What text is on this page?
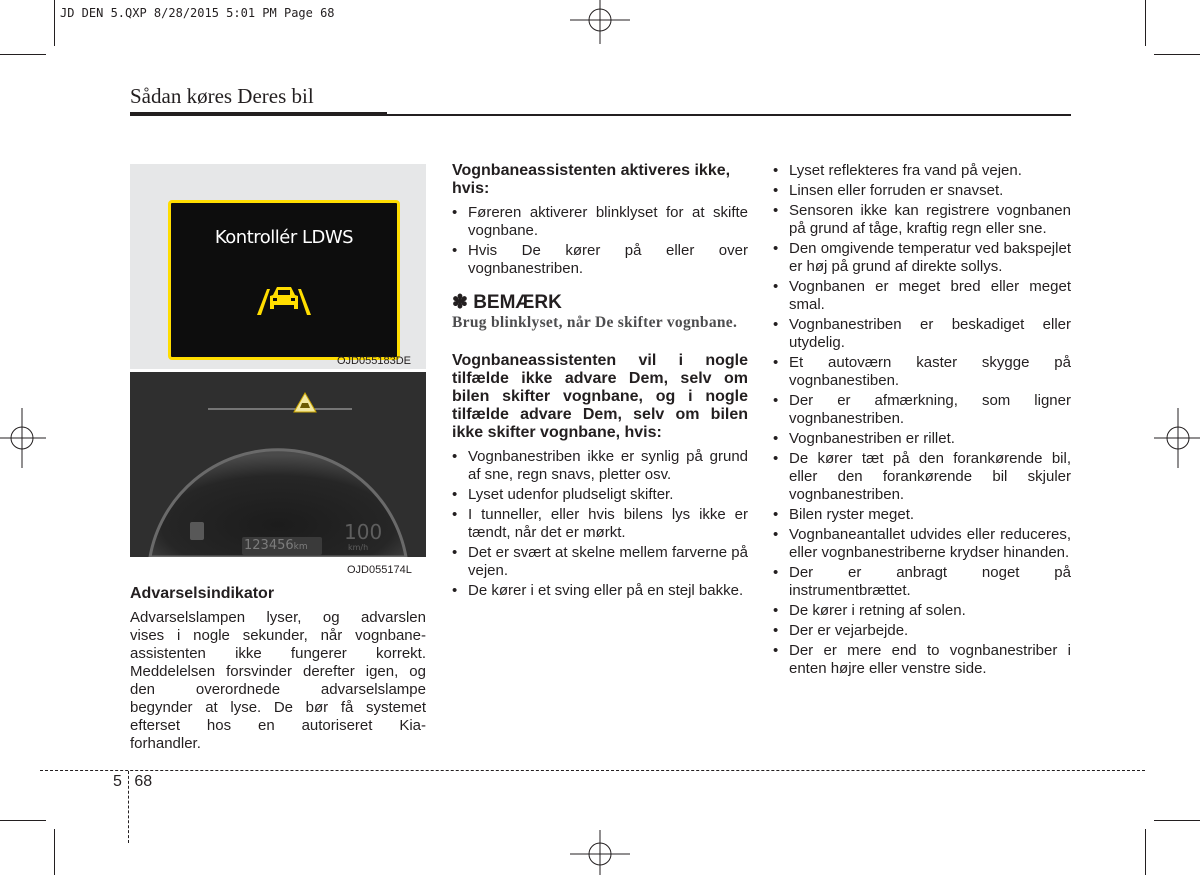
JD DEN 5.QXP 8/28/2015 5:01 PM Page 68
Sådan køres Deres bil
Kontrollér LDWS
OJD055183DE
123456km
100
km/h
OJD055174L

Advarselsindikator

Advarselslampen lyser, og advarslen
vises i nogle sekunder, når vognbane-
assistenten ikke fungerer korrekt.
Meddelelsen forsvinder derefter igen, og
den overordnede advarselslampe
begynder at lyse. De bør få systemet
efterset hos en autoriseret Kia-
forhandler.

Vognbaneassistenten aktiveres ikke, hvis:

• Føreren aktiverer blinklyset for at skifte vognbane.
• Hvis De kører på eller over vognbanestriben.
✽ BEMÆRK
Brug blinklyset, når De skifter vognbane.

Vognbaneassistenten vil i nogle tilfælde ikke advare Dem, selv om bilen skifter vognbane, og i nogle tilfælde advare Dem, selv om bilen ikke skifter vognbane, hvis:

• Vognbanestriben ikke er synlig på grund af sne, regn snavs, pletter osv.
• Lyset udenfor pludseligt skifter.
• I tunneller, eller hvis bilens lys ikke er tændt, når det er mørkt.
• Det er svært at skelne mellem farverne på vejen.
• De kører i et sving eller på en stejl bakke.
• Lyset reflekteres fra vand på vejen.
• Linsen eller forruden er snavset.
• Sensoren ikke kan registrere vognbanen på grund af tåge, kraftig regn eller sne.
• Den omgivende temperatur ved bakspejlet er høj på grund af direkte sollys.
• Vognbanen er meget bred eller meget smal.
• Vognbanestriben er beskadiget eller utydelig.
• Et autoværn kaster skygge på vognbanestiben.
• Der er afmærkning, som ligner vognbanestriben.
• Vognbanestriben er rillet.
• De kører tæt på den forankørende bil, eller den forankørende bil skjuler vognbanestriben.
• Bilen ryster meget.
• Vognbaneantallet udvides eller reduceres, eller vognbanestriberne krydser hinanden.
• Der er anbragt noget på instrumentbrættet.
• De kører i retning af solen.
• Der er vejarbejde.
• Der er mere end to vognbanestriber i enten højre eller venstre side.
5 68
